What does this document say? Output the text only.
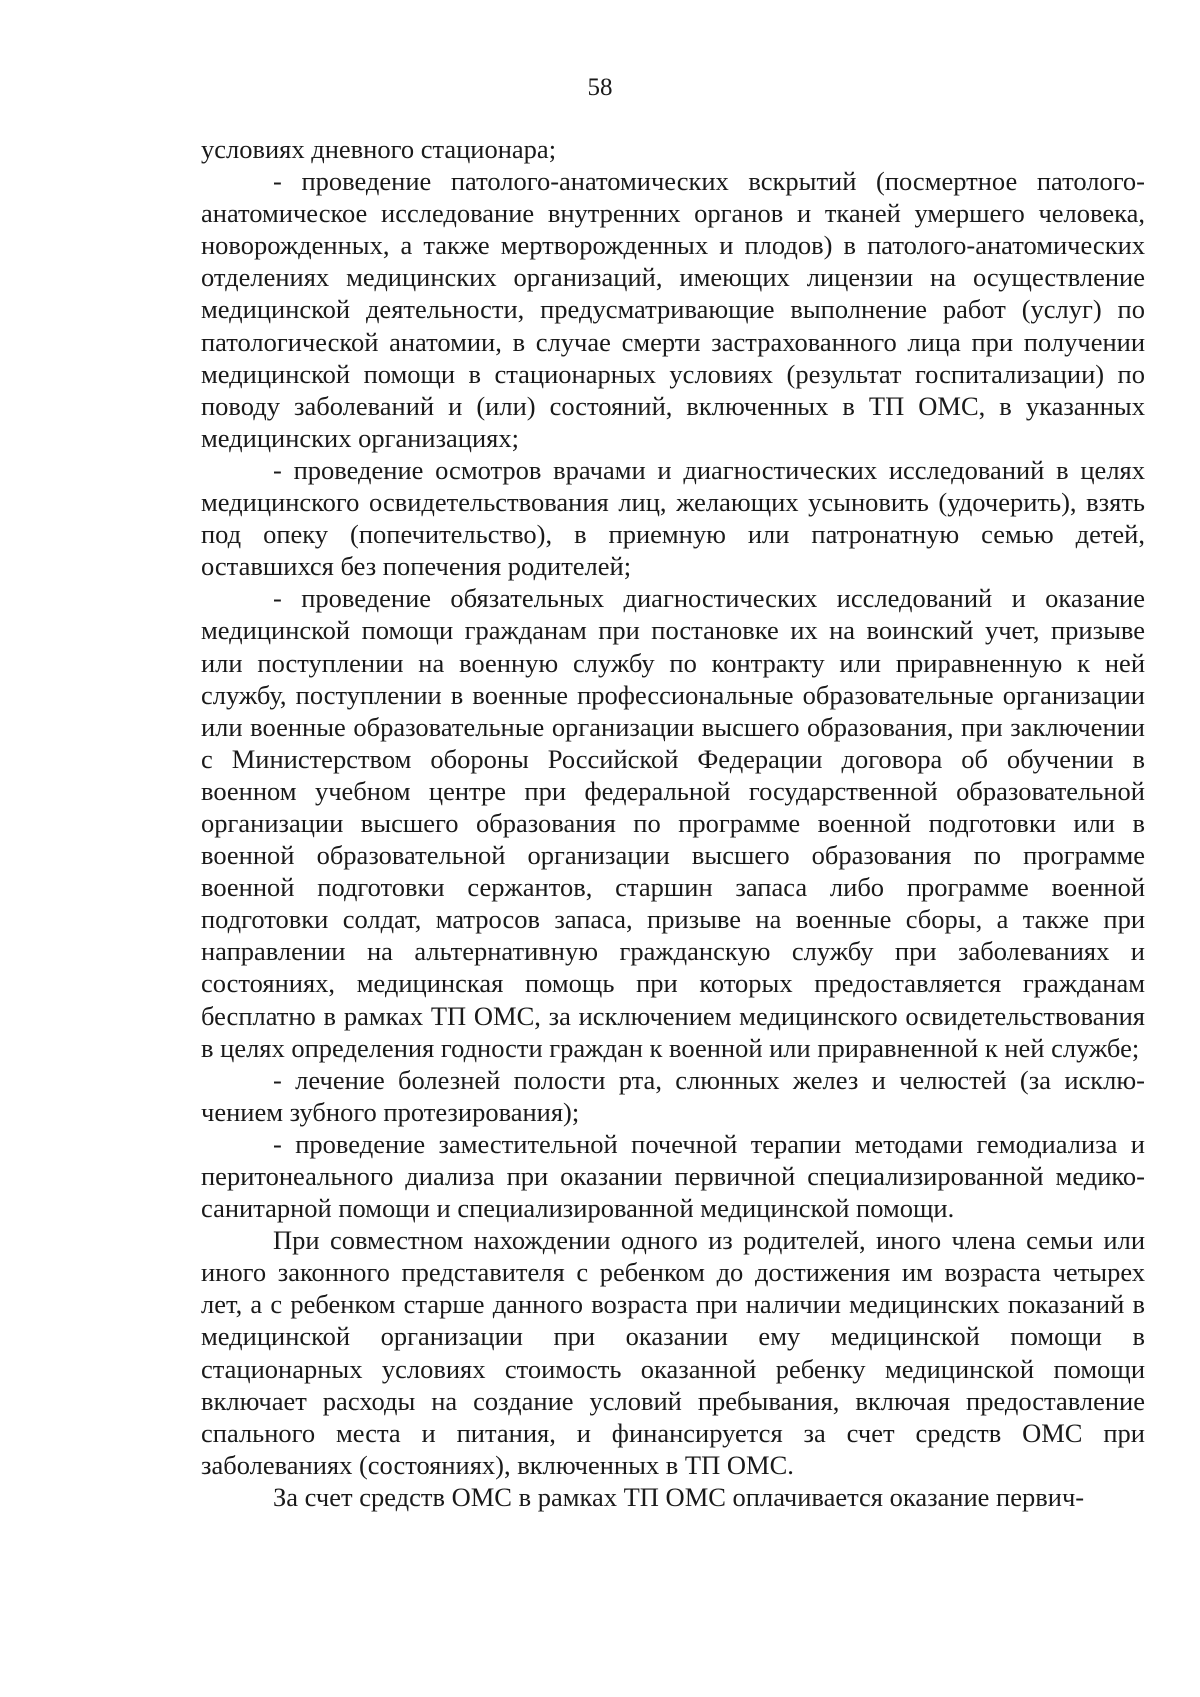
58

условиях дневного стационара;

- проведение патолого-анатомических вскрытий (посмертное патолого-анатомическое исследование внутренних органов и тканей умершего человека, новорожденных, а также мертворожденных и плодов) в патолого-анатомических отделениях медицинских организаций, имеющих лицензии на осуществление медицинской деятельности, предусматривающие выполнение работ (услуг) по патологической анатомии, в случае смерти застрахованного лица при получении медицинской помощи в стационарных условиях (результат госпитализации) по поводу заболеваний и (или) состояний, включенных в ТП ОМС, в указанных медицинских организациях;

- проведение осмотров врачами и диагностических исследований в целях медицинского освидетельствования лиц, желающих усыновить (удочерить), взять под опеку (попечительство), в приемную или патронатную семью детей, оставшихся без попечения родителей;

- проведение обязательных диагностических исследований и оказание медицинской помощи гражданам при постановке их на воинский учет, призыве или поступлении на военную службу по контракту или приравненную к ней службу, поступлении в военные профессиональные образовательные организации или военные образовательные организации высшего образования, при заключении с Министерством обороны Российской Федерации договора об обучении в военном учебном центре при федеральной государственной образовательной организации высшего образования по программе военной подготовки или в военной образовательной организации высшего образования по программе военной подготовки сержантов, старшин запаса либо программе военной подготовки солдат, матросов запаса, призыве на военные сборы, а также при направлении на альтернативную гражданскую службу при заболеваниях и состояниях, медицинская помощь при которых предоставляется гражданам бесплатно в рамках ТП ОМС, за исключением медицинского освидетельствования в целях определения годности граждан к военной или приравненной к ней службе;

- лечение болезней полости рта, слюнных желез и челюстей (за исключением зубного протезирования);

- проведение заместительной почечной терапии методами гемодиализа и перитонеального диализа при оказании первичной специализированной медико-санитарной помощи и специализированной медицинской помощи.

При совместном нахождении одного из родителей, иного члена семьи или иного законного представителя с ребенком до достижения им возраста четырех лет, а с ребенком старше данного возраста при наличии медицинских показаний в медицинской организации при оказании ему медицинской помощи в стационарных условиях стоимость оказанной ребенку медицинской помощи включает расходы на создание условий пребывания, включая предоставление спального места и питания, и финансируется за счет средств ОМС при заболеваниях (состояниях), включенных в ТП ОМС.

За счет средств ОМС в рамках ТП ОМС оплачивается оказание первич-
